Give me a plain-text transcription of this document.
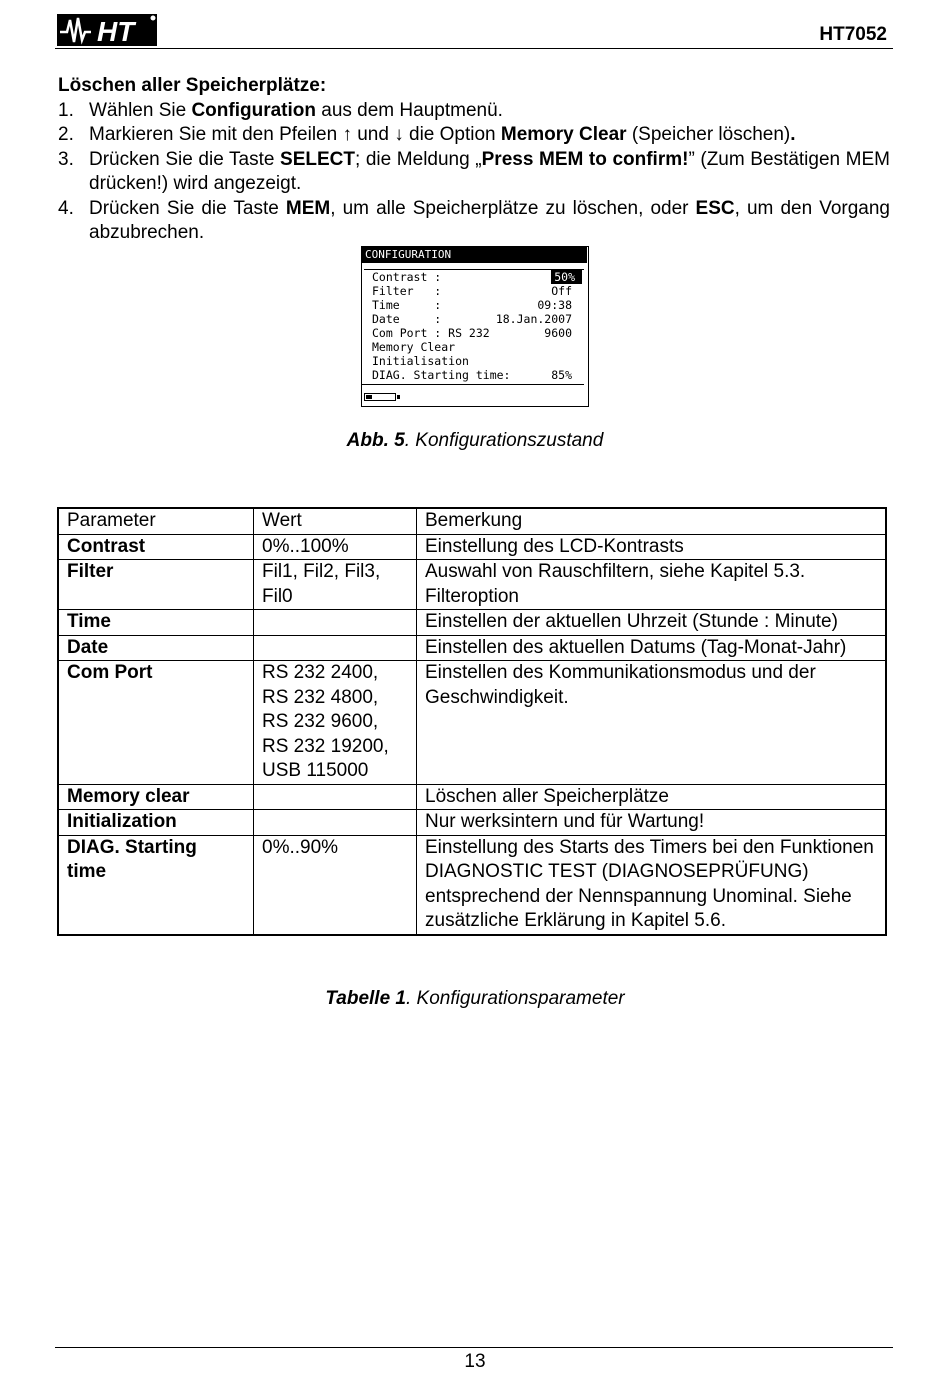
HT	HT7052
Löschen aller Speicherplätze:
1. Wählen Sie Configuration aus dem Hauptmenü.
2. Markieren Sie mit den Pfeilen ↑ und ↓ die Option Memory Clear (Speicher löschen).
3. Drücken Sie die Taste SELECT; die Meldung „Press MEM to confirm!” (Zum Bestätigen MEM drücken!) wird angezeigt.
4. Drücken Sie die Taste MEM, um alle Speicherplätze zu löschen, oder ESC, um den Vorgang abzubrechen.
CONFIGURATION
Contrast :	50%
Filter   :	Off
Time     :	09:38
Date     :	18.Jan.2007
Com Port : RS 232	9600
Memory Clear
Initialisation
DIAG. Starting time:	85%
Abb. 5. Konfigurationszustand
Parameter	Wert	Bemerkung
Contrast	0%..100%	Einstellung des LCD-Kontrasts
Filter	Fil1, Fil2, Fil3, Fil0	Auswahl von Rauschfiltern, siehe Kapitel 5.3. Filteroption
Time		Einstellen der aktuellen Uhrzeit (Stunde : Minute)
Date		Einstellen des aktuellen Datums (Tag-Monat-Jahr)
Com Port	RS 232 2400, RS 232 4800, RS 232 9600, RS 232 19200, USB 115000	Einstellen des Kommunikationsmodus und der Geschwindigkeit.
Memory clear		Löschen aller Speicherplätze
Initialization		Nur werksintern und für Wartung!
DIAG. Starting time	0%..90%	Einstellung des Starts des Timers bei den Funktionen DIAGNOSTIC TEST (DIAGNOSEPRÜFUNG) entsprechend der Nennspannung Unominal. Siehe zusätzliche Erklärung in Kapitel 5.6.
Tabelle 1. Konfigurationsparameter
13
